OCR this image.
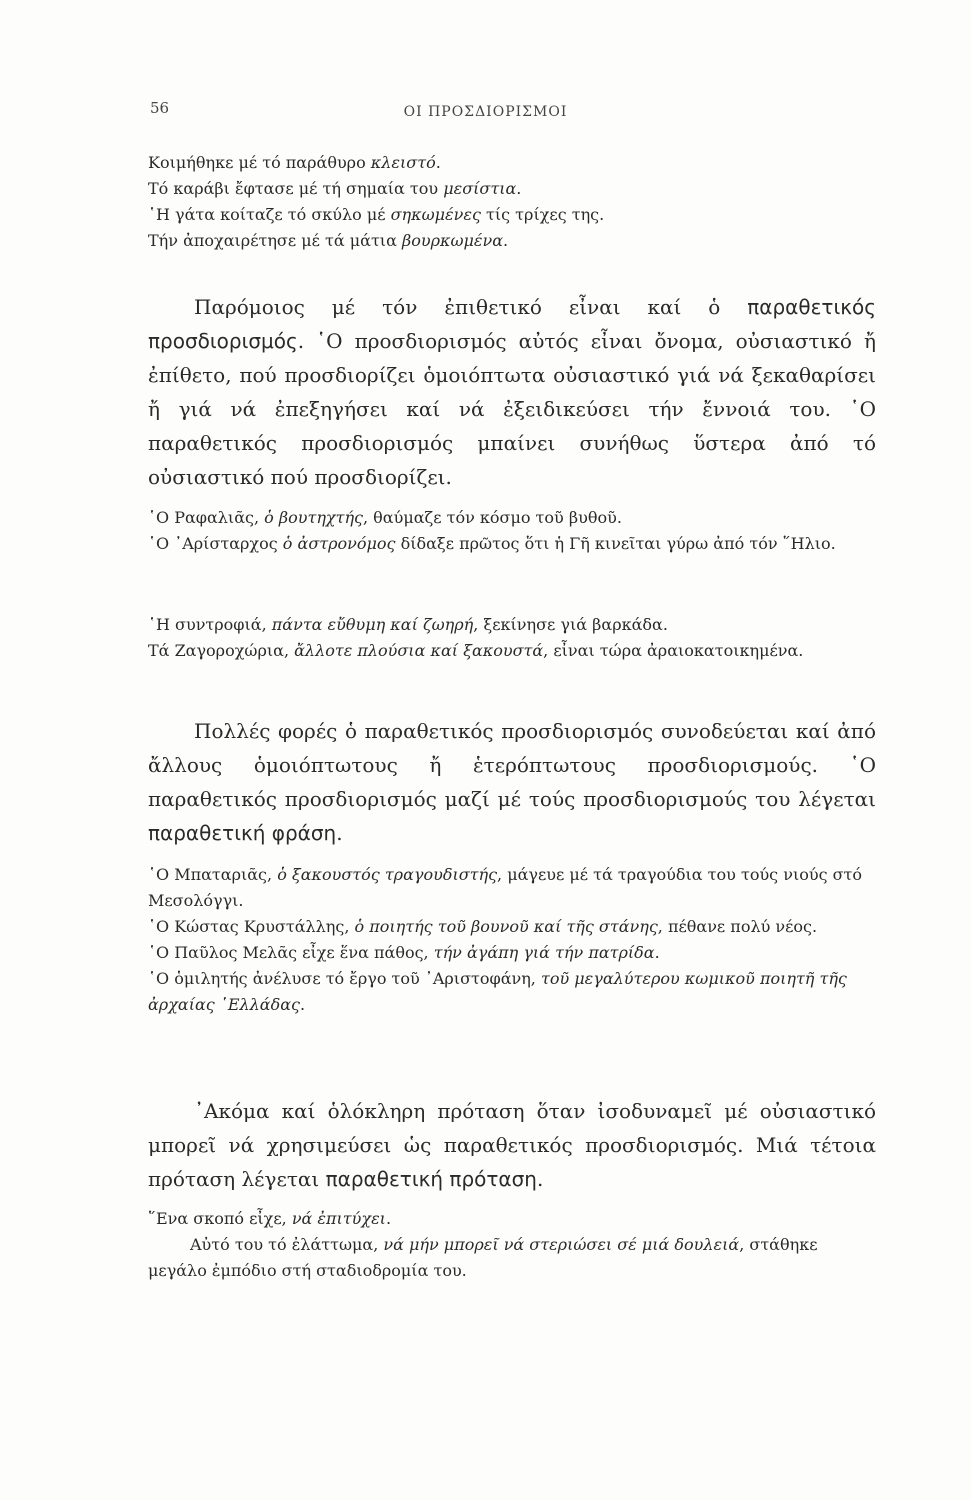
56	ΟΙ ΠΡΟΣΔΙΟΡΙΣΜΟΙ

Κοιμήθηκε μέ τό παράθυρο κλειστό.

Τό καράβι ἔφτασε μέ τή σημαία του μεσίστια.

῾Η γάτα κοίταζε τό σκύλο μέ σηκωμένες τίς τρίχες της.

Τήν ἀποχαιρέτησε μέ τά μάτια βουρκωμένα.

Παρόμοιος μέ τόν ἐπιθετικό εἶναι καί ὁ παραθετικός προσδιορισμός. ῾Ο προσδιορισμός αὐτός εἶναι ὄνομα, οὐσιαστικό ἤ ἐπίθετο, πού προσδιορίζει ὁμοιόπτωτα οὐσιαστικό γιά νά ξεκαθαρίσει ἤ γιά νά ἐπεξηγήσει καί νά ἐξειδικεύσει τήν ἔννοιά του. ῾Ο παραθετικός προσδιορισμός μπαίνει συνήθως ὕστερα ἀπό τό οὐσιαστικό πού προσδιορίζει.

῾Ο Ραφαλιᾶς, ὁ βουτηχτής, θαύμαζε τόν κόσμο τοῦ βυθοῦ.

῾Ο ᾽Αρίσταρχος ὁ ἀστρονόμος δίδαξε πρῶτος ὅτι ἡ Γῆ κινεῖται γύρω ἀπό τόν ῞Ηλιο.

῾Η συντροφιά, πάντα εὔθυμη καί ζωηρή, ξεκίνησε γιά βαρκάδα.

Τά Ζαγοροχώρια, ἄλλοτε πλούσια καί ξακουστά, εἶναι τώρα ἀραιοκατοικημένα.

Πολλές φορές ὁ παραθετικός προσδιορισμός συνοδεύεται καί ἀπό ἄλλους ὁμοιόπτωτους ἤ ἑτερόπτωτους προσδιορισμούς. ῾Ο παραθετικός προσδιορισμός μαζί μέ τούς προσδιορισμούς του λέγεται παραθετική φράση.

῾Ο Μπαταριᾶς, ὁ ξακουστός τραγουδιστής, μάγευε μέ τά τραγούδια του τούς νιούς στό Μεσολόγγι.

῾Ο Κώστας Κρυστάλλης, ὁ ποιητής τοῦ βουνοῦ καί τῆς στάνης, πέθανε πολύ νέος.

῾Ο Παῦλος Μελᾶς εἶχε ἕνα πάθος, τήν ἀγάπη γιά τήν πατρίδα.

῾Ο ὁμιλητής ἀνέλυσε τό ἔργο τοῦ ᾽Αριστοφάνη, τοῦ μεγαλύτερου κωμικοῦ ποιητῆ τῆς ἀρχαίας ῾Ελλάδας.

᾽Ακόμα καί ὁλόκληρη πρόταση ὅταν ἰσοδυναμεῖ μέ οὐσιαστικό μπορεῖ νά χρησιμεύσει ὡς παραθετικός προσδιορισμός. Μιά τέτοια πρόταση λέγεται παραθετική πρόταση.

῞Ενα σκοπό εἶχε, νά ἐπιτύχει.

Αὐτό του τό ἐλάττωμα, νά μήν μπορεῖ νά στεριώσει σέ μιά δουλειά, στάθηκε μεγάλο ἐμπόδιο στή σταδιοδρομία του.
